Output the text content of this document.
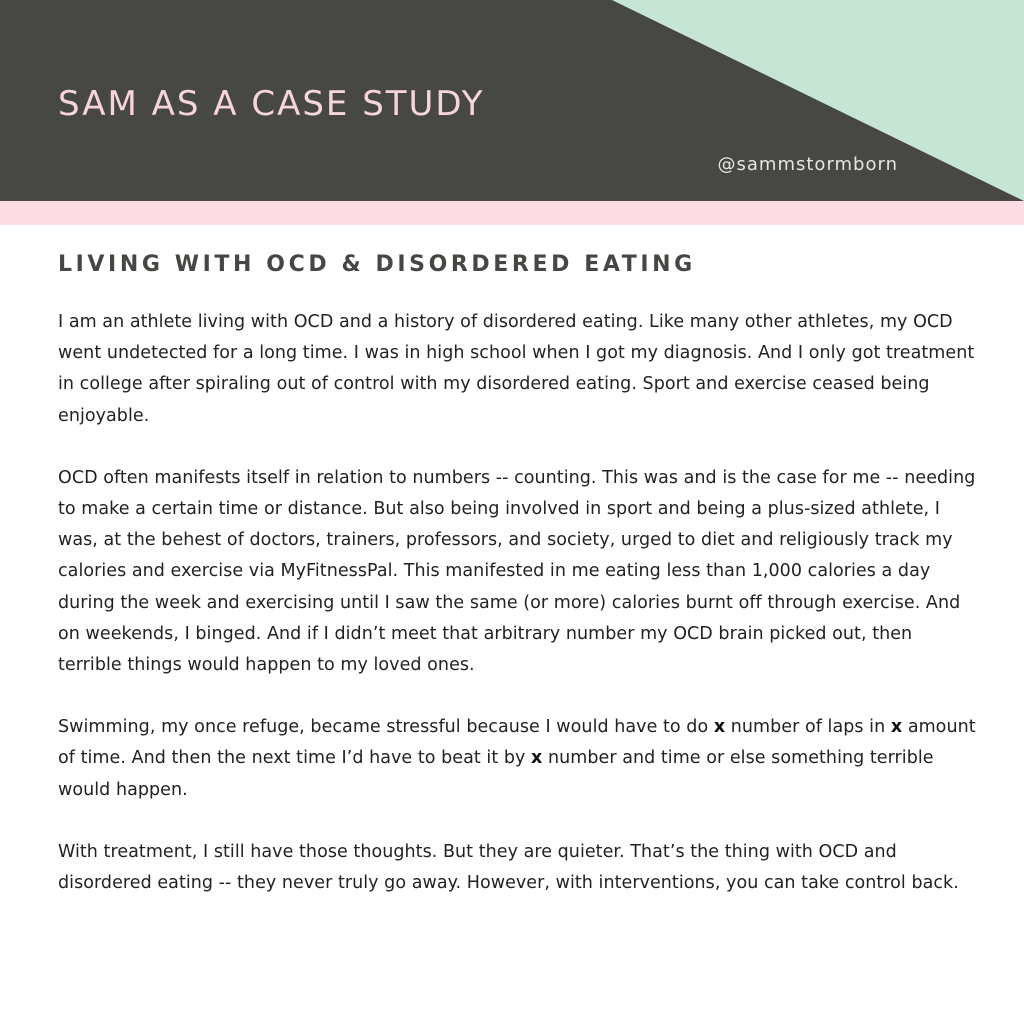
SAM AS A CASE STUDY
@sammstormborn
LIVING WITH OCD & DISORDERED EATING

I am an athlete living with OCD and a history of disordered eating. Like many other athletes, my OCD went undetected for a long time. I was in high school when I got my diagnosis. And I only got treatment in college after spiraling out of control with my disordered eating. Sport and exercise ceased being enjoyable.

OCD often manifests itself in relation to numbers -- counting. This was and is the case for me -- needing to make a certain time or distance. But also being involved in sport and being a plus-sized athlete, I was, at the behest of doctors, trainers, professors, and society, urged to diet and religiously track my calories and exercise via MyFitnessPal. This manifested in me eating less than 1,000 calories a day during the week and exercising until I saw the same (or more) calories burnt off through exercise. And on weekends, I binged. And if I didn’t meet that arbitrary number my OCD brain picked out, then terrible things would happen to my loved ones.

Swimming, my once refuge, became stressful because I would have to do x number of laps in x amount of time. And then the next time I’d have to beat it by x number and time or else something terrible would happen.

With treatment, I still have those thoughts. But they are quieter. That’s the thing with OCD and disordered eating -- they never truly go away. However, with interventions, you can take control back.
